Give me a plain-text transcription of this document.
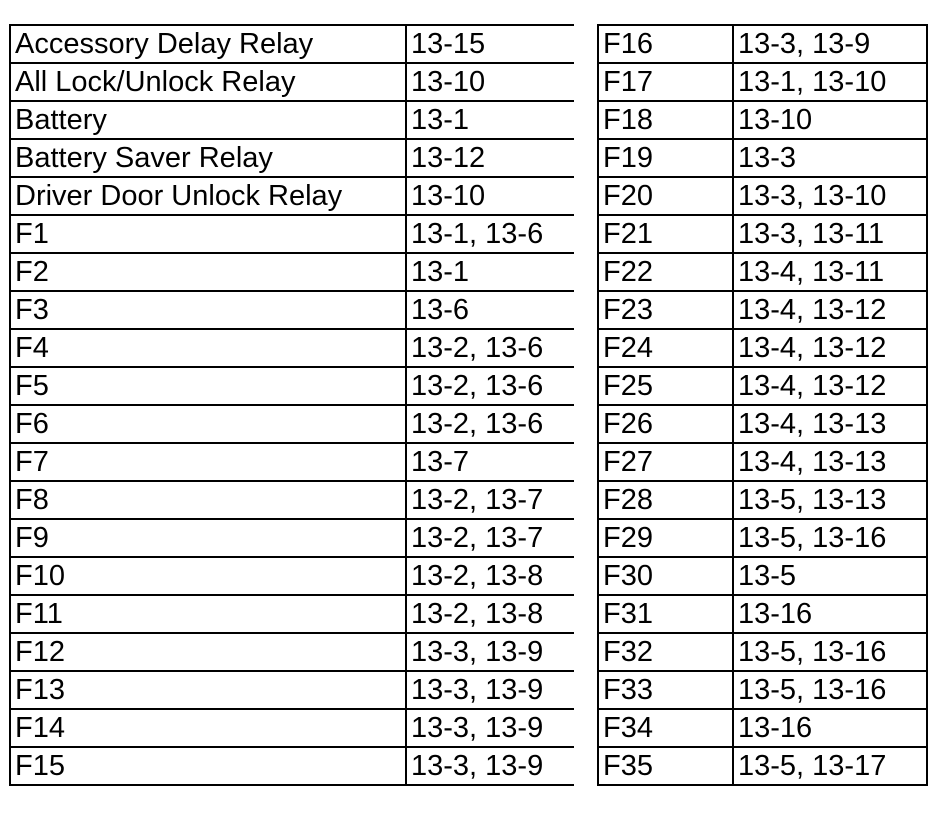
Accessory Delay Relay	13-15
All Lock/Unlock Relay	13-10
Battery	13-1
Battery Saver Relay	13-12
Driver Door Unlock Relay	13-10
F1	13-1, 13-6
F2	13-1
F3	13-6
F4	13-2, 13-6
F5	13-2, 13-6
F6	13-2, 13-6
F7	13-7
F8	13-2, 13-7
F9	13-2, 13-7
F10	13-2, 13-8
F11	13-2, 13-8
F12	13-3, 13-9
F13	13-3, 13-9
F14	13-3, 13-9
F15	13-3, 13-9
F16	13-3, 13-9
F17	13-1, 13-10
F18	13-10
F19	13-3
F20	13-3, 13-10
F21	13-3, 13-11
F22	13-4, 13-11
F23	13-4, 13-12
F24	13-4, 13-12
F25	13-4, 13-12
F26	13-4, 13-13
F27	13-4, 13-13
F28	13-5, 13-13
F29	13-5, 13-16
F30	13-5
F31	13-16
F32	13-5, 13-16
F33	13-5, 13-16
F34	13-16
F35	13-5, 13-17
